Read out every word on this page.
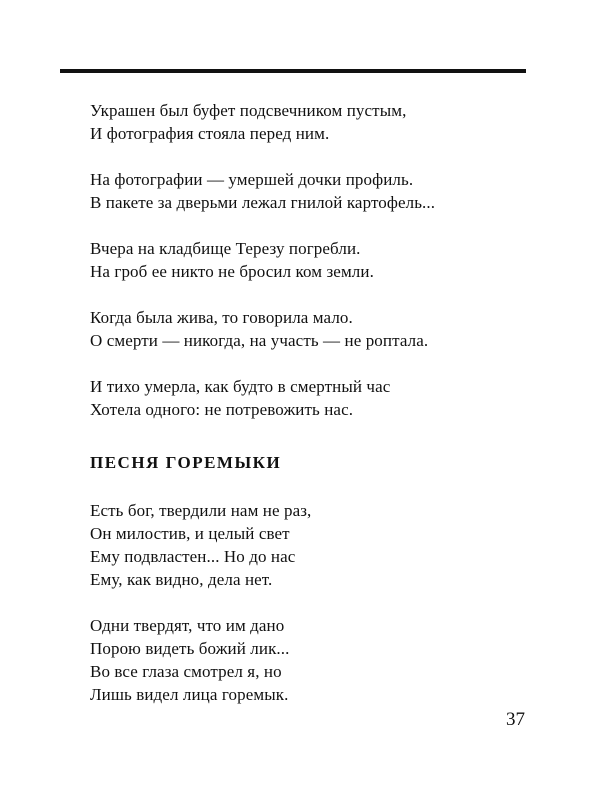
Украшен был буфет подсвечником пустым,
И фотография стояла перед ним.
На фотографии — умершей дочки профиль.
В пакете за дверьми лежал гнилой картофель...
Вчера на кладбище Терезу погребли.
На гроб ее никто не бросил ком земли.
Когда была жива, то говорила мало.
О смерти — никогда, на участь — не роптала.
И тихо умерла, как будто в смертный час
Хотела одного: не потревожить нас.
ПЕСНЯ ГОРЕМЫКИ
Есть бог, твердили нам не раз,
Он милостив, и целый свет
Ему подвластен... Но до нас
Ему, как видно, дела нет.
Одни твердят, что им дано
Порою видеть божий лик...
Во все глаза смотрел я, но
Лишь видел лица горемык.
37
